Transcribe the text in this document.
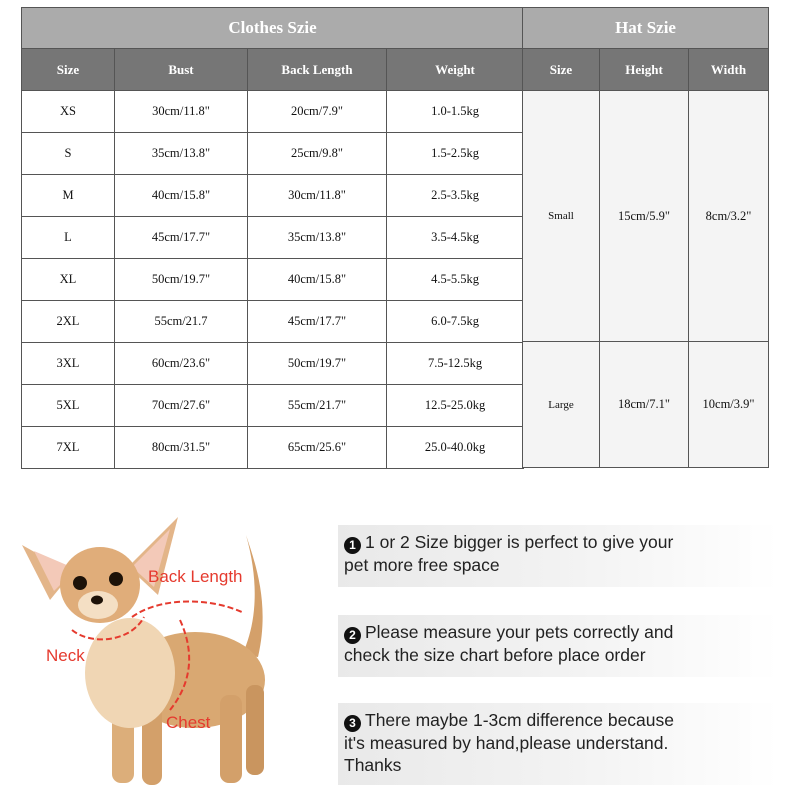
Clothes Szie			
Size	Bust	Back Length	Weight
XS	30cm/11.8"	20cm/7.9"	1.0-1.5kg
S	35cm/13.8"	25cm/9.8"	1.5-2.5kg
M	40cm/15.8"	30cm/11.8"	2.5-3.5kg
L	45cm/17.7"	35cm/13.8"	3.5-4.5kg
XL	50cm/19.7"	40cm/15.8"	4.5-5.5kg
2XL	55cm/21.7	45cm/17.7"	6.0-7.5kg
3XL	60cm/23.6"	50cm/19.7"	7.5-12.5kg
5XL	70cm/27.6"	55cm/21.7"	12.5-25.0kg
7XL	80cm/31.5"	65cm/25.6"	25.0-40.0kg
Hat Szie		
Size	Height	Width
Small	15cm/5.9"	8cm/3.2"

Large	18cm/7.1"	10cm/3.9"

Back Length
Neck
Chest
1 1 or 2 Size bigger is perfect to give your
pet more free space
2 Please measure your pets correctly and
check the size chart before place order
3 There maybe 1-3cm difference because
it's measured by hand,please understand.
Thanks
